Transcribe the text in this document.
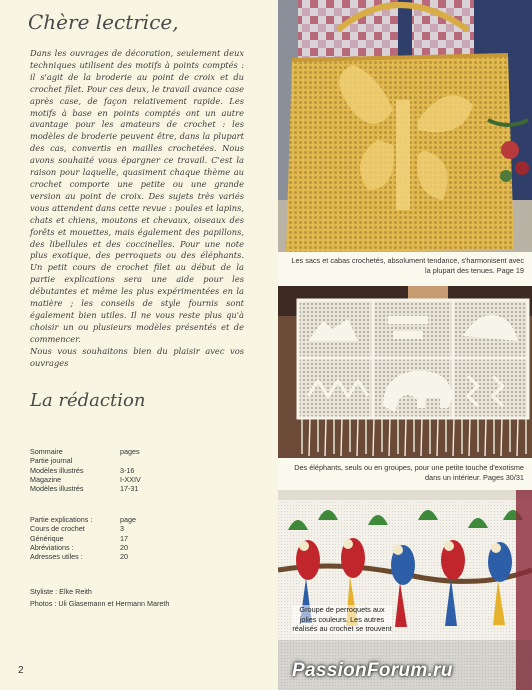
Chère lectrice,

Dans les ouvrages de décoration, seulement deux techniques utilisent des motifs à points comptés : il s'agit de la broderie au point de croix et du crochet filet. Pour ces deux, le travail avance case après case, de façon relativement rapide. Les motifs à base en points comptés ont un autre avantage pour les amateurs de crochet : les modèles de broderie peuvent être, dans la plupart des cas, convertis en mailles crochetées. Nous avons souhaité vous épargner ce travail. C'est la raison pour laquelle, quasiment chaque thème au crochet comporte une petite ou une grande version au point de croix. Des sujets très variés vous attendent dans cette revue : poules et lapins, chats et chiens, moutons et chevaux, oiseaux des forêts et mouettes, mais également des papillons, des libellules et des coccinelles. Pour une note plus exotique, des perroquets ou des éléphants. Un petit cours de crochet filet au début de la partie explications sera une aide pour les débutantes et même les plus expérimentées en la matière ; les conseils de style fournis sont également bien utiles. Il ne vous reste plus qu'à choisir un ou plusieurs modèles présentés et de commencer.

Nous vous souhaitons bien du plaisir avec vos ouvrages

La rédaction
Sommaire	pages
Partie journal
Modèles illustrés	3-16
Magazine	I-XXIV
Modèles illustrés	17-31
Partie explications :	page
Cours de crochet	3
Générique	17
Abréviations :	20
Adresses utiles :	20
Styliste : Elke Reith
Photos : Uli Glasemann et Hermann Mareth
2
Les sacs et cabas crochetés, absolument tendance, s'harmonisent avec la plupart des tenues. Page 19
Des éléphants, seuls ou en groupes, pour une petite touche d'exotisme dans un intérieur. Pages 30/31
Groupe de perroquets aux jolies couleurs. Les autres réalisés au crochet se trouvent
PassionForum.ru
